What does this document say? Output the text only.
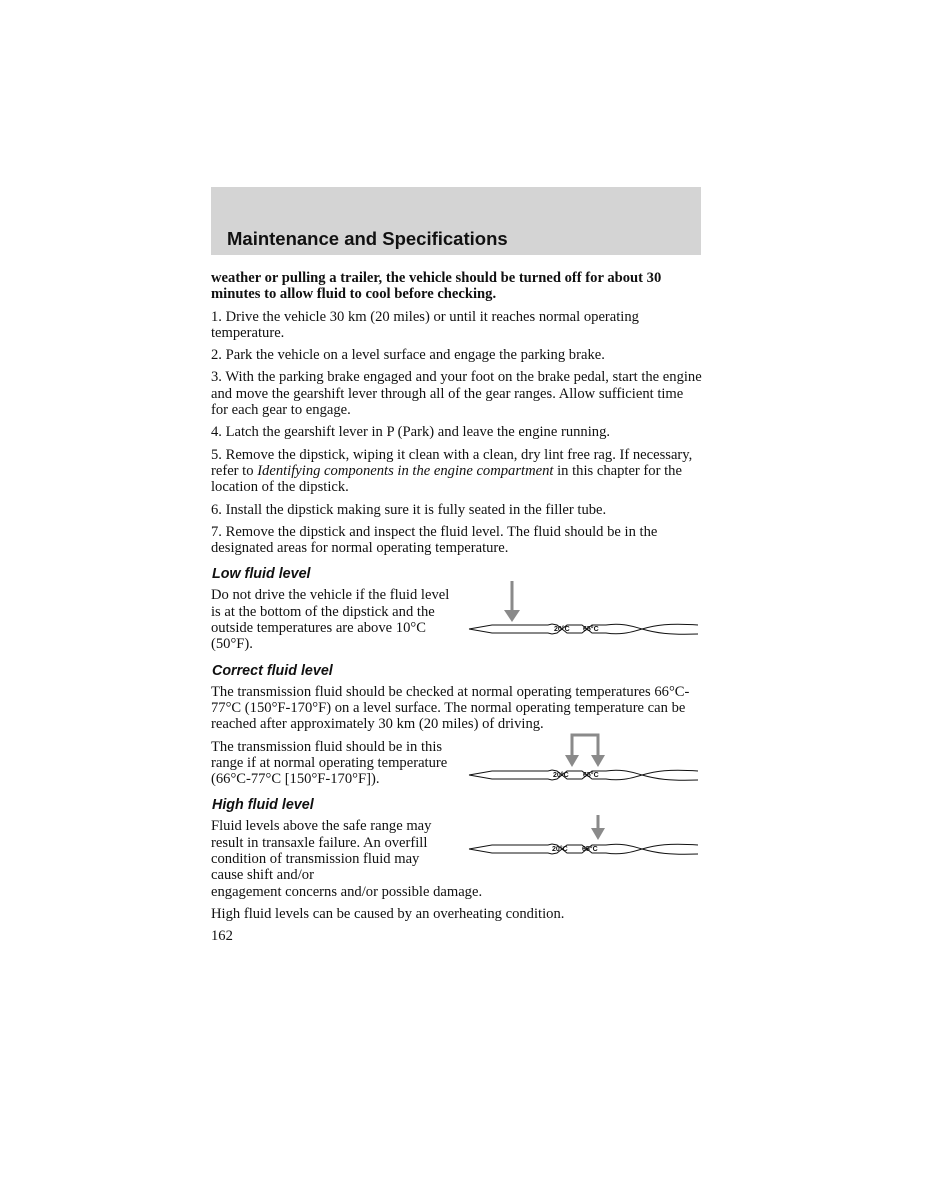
Maintenance and Specifications

weather or pulling a trailer, the vehicle should be turned off for about 30 minutes to allow fluid to cool before checking.

1. Drive the vehicle 30 km (20 miles) or until it reaches normal operating temperature.

2. Park the vehicle on a level surface and engage the parking brake.

3. With the parking brake engaged and your foot on the brake pedal, start the engine and move the gearshift lever through all of the gear ranges. Allow sufficient time for each gear to engage.

4. Latch the gearshift lever in P (Park) and leave the engine running.

5. Remove the dipstick, wiping it clean with a clean, dry lint free rag. If necessary, refer to Identifying components in the engine compartment in this chapter for the location of the dipstick.

6. Install the dipstick making sure it is fully seated in the filler tube.

7. Remove the dipstick and inspect the fluid level. The fluid should be in the designated areas for normal operating temperature.

Low fluid level

Do not drive the vehicle if the fluid level is at the bottom of the dipstick and the outside temperatures are above 10°C (50°F).

20°C 65°C
Correct fluid level

The transmission fluid should be checked at normal operating temperatures 66°C-77°C (150°F-170°F) on a level surface. The normal operating temperature can be reached after approximately 30 km (20 miles) of driving.

The transmission fluid should be in this range if at normal operating temperature (66°C-77°C [150°F-170°F]).	20°C 65°C
High fluid level
20°C 65°C

Fluid levels above the safe range may result in transaxle failure. An overfill condition of transmission fluid may cause shift and/or
engagement concerns and/or possible damage.

High fluid levels can be caused by an overheating condition.

162
